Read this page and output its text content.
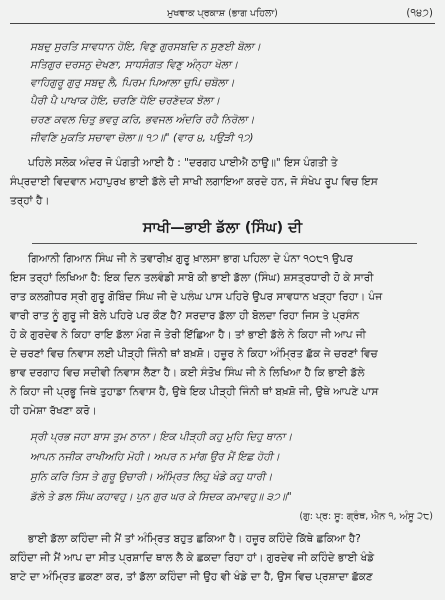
ਮੁਖਵਾਕ ਪ੍ਰਕਾਸ਼ (ਭਾਗ ਪਹਿਲਾ)	(੧੪੭)
ਸਬਦੁ ਸੁਰਤਿ ਸਾਵਧਾਨ ਹੋਇ, ਵਿਣੁ ਗੁਰਸਬਦਿ ਨ ਸੁਣਈ ਬੋਲਾ।
ਸਤਿਗੁਰ ਦਰਸਨੁ ਦੇਖਣਾ, ਸਾਧਸੰਗਤ ਵਿਣੁ ਅੰਨ੍ਹਾ ਖੋਲਾ।
ਵਾਹਿਗੁਰੂ ਗੁਰੁ ਸਬਦੁ ਲੈ, ਪਿਰਮ ਪਿਆਲਾ ਚੁਪਿ ਚਬੋਲਾ।
ਪੈਰੀ ਪੈ ਪਾਖਾਕ ਹੋਇ, ਚਰਣਿ ਧੋਇ ਚਰਣੋਦਕ ਝੋਲਾ।
ਚਰਣ ਕਵਲ ਚਿਤੁ ਭਵਰੁ ਕਰਿ, ਭਵਜਲ ਅੰਦਰਿ ਰਹੈ ਨਿਰੋਲਾ।
ਜੀਵਣਿ ਮੁਕਤਿ ਸਚਾਵਾ ਚੋਲਾ॥ ੧੭॥" (ਵਾਰ ੪, ਪਉੜੀ ੧੭)
ਪਹਿਲੇ ਸਲੋਕ ਅੰਦਰ ਜੋ ਪੰਗਤੀ ਆਈ ਹੈ : "ਦਰਗਹ ਪਾਈਐ ਠਾਉ॥" ਇਸ ਪੰਗਤੀ ਤੇ
ਸੰਪ੍ਰਦਾਈ ਵਿਦਵਾਨ ਮਹਾਪੁਰਖ ਭਾਈ ਡੱਲੇ ਦੀ ਸਾਖੀ ਲਗਾਇਆ ਕਰਦੇ ਹਨ, ਜੋ ਸੰਖੇਪ ਰੂਪ ਵਿਚ ਇਸ
ਤਰ੍ਹਾਂ ਹੈ।
ਸਾਖੀ—ਭਾਈ ਡੱਲਾ (ਸਿੰਘ) ਦੀ
ਗਿਆਨੀ ਗਿਆਨ ਸਿੰਘ ਜੀ ਨੇ ਤਵਾਰੀਖ਼ ਗੁਰੂ ਖ਼ਾਲਸਾ ਭਾਗ ਪਹਿਲਾ ਦੇ ਪੰਨਾ ੧੦੮੧ ਉਪਰ
ਇਸ ਤਰ੍ਹਾਂ ਲਿਖਿਆ ਹੈ: ਇਕ ਦਿਨ ਤਲਵੰਡੀ ਸਾਬੋ ਕੀ ਭਾਈ ਡੱਲਾ (ਸਿੰਘ) ਸ਼ਸਤ੍ਰਧਾਰੀ ਹੋ ਕੇ ਸਾਰੀ
ਰਾਤ ਕਲਗੀਧਰ ਸ੍ਰੀ ਗੁਰੂ ਗੋਬਿੰਦ ਸਿੰਘ ਜੀ ਦੇ ਪਲੰਘ ਪਾਸ ਪਹਿਰੇ ਉਪਰ ਸਾਵਧਾਨ ਖੜ੍ਹਾ ਰਿਹਾ। ਪੰਜ
ਵਾਰੀ ਰਾਤ ਨੂੰ ਗੁਰੂ ਜੀ ਬੋਲੇ ਪਹਿਰੇ ਪਰ ਕੌਣ ਹੈ? ਸਰਦਾਰ ਡੱਲਾ ਹੀ ਬੋਲਦਾ ਰਿਹਾ ਜਿਸ ਤੇ ਪ੍ਰਸੰਨ
ਹੋ ਕੇ ਗੁਰਦੇਵ ਨੇ ਕਿਹਾ ਰਾਇ ਡੱਲਾ ਮੰਗ ਜੋ ਤੇਰੀ ਇੱਛਿਆ ਹੈ। ਤਾਂ ਭਾਈ ਡੱਲੇ ਨੇ ਕਿਹਾ ਜੀ ਆਪ ਜੀ
ਦੇ ਚਰਣਾਂ ਵਿਚ ਨਿਵਾਸ ਲਈ ਪੀੜ੍ਹੀ ਜਿੰਨੀ ਥਾਂ ਬਖ਼ਸ਼ੋ। ਹਜ਼ੂਰ ਨੇ ਕਿਹਾ ਅੰਮ੍ਰਿਤ ਛੱਕ ਜੇ ਚਰਣਾਂ ਵਿਚ
ਭਾਵ ਦਰਗਾਹ ਵਿਚ ਸਦੀਵੀ ਨਿਵਾਸ ਲੈਣਾ ਹੈ। ਕਈ ਸੰਤੋਖ ਸਿੰਘ ਜੀ ਨੇ ਲਿਖਿਆ ਹੈ ਕਿ ਭਾਈ ਡੱਲੇ
ਨੇ ਕਿਹਾ ਜੀ ਪ੍ਰਭੂ ਜਿਥੇ ਤੁਹਾਡਾ ਨਿਵਾਸ ਹੈ, ਉਥੇ ਇਕ ਪੀੜ੍ਹੀ ਜਿੰਨੀ ਥਾਂ ਬਖ਼ਸ਼ੋ ਜੀ, ਉਥੇ ਆਪਣੇ ਪਾਸ
ਹੀ ਹਮੇਸ਼ਾ ਰੱਖਣਾ ਕਰੋ।
ਸ੍ਰੀ ਪ੍ਰਭ ਜਹਾ ਬਾਸ ਤੁਮ ਠਾਨਾ। ਇਕ ਪੀੜ੍ਹੀ ਕਹੁ ਮੁਹਿ ਦਿਹੁ ਥਾਨਾ।
ਆਪਨ ਨਜੀਕ ਰਾਖੀਅਹਿ ਮੋਹੀ। ਅਪਰ ਨ ਮਾਂਗ ਉਰ ਮੈਂ ਇਛ ਹੋਹੀ।
ਸੁਨਿ ਕਰਿ ਤਿਸ ਤੇ ਗੁਰੂ ਉਚਾਰੀ। ਅੰਮ੍ਰਿਤ ਲਿਹੁ ਖੰਡੇ ਕਹੁ ਧਾਰੀ।
ਡੱਲੇ ਤੇ ਡਲ ਸਿੰਘ ਕਹਾਵਹੁ। ਪੁਨ ਗੁਰ ਘਰ ਕੇ ਸਿਦਕ ਕਮਾਵਹੁ॥ ੩੭॥"
(ਗੁ: ਪ੍ਰ: ਸੂ: ਗ੍ਰੰਥ, ਐਨ ੧, ਅੰਸੂ ੨੮)
ਭਾਈ ਡੱਲਾ ਕਹਿੰਦਾ ਜੀ ਮੈਂ ਤਾਂ ਅੰਮ੍ਰਿਤ ਬਹੁਤ ਛਕਿਆ ਹੈ। ਹਜ਼ੂਰ ਕਹਿੰਦੇ ਕਿੱਥੇ ਛਕਿਆ ਹੈ?
ਕਹਿੰਦਾ ਜੀ ਮੈਂ ਆਪ ਦਾ ਸੀਤ ਪ੍ਰਸ਼ਾਦਿ ਥਾਲ ਲੈ ਕੇ ਛਕਦਾ ਰਿਹਾ ਹਾਂ। ਗੁਰਦੇਵ ਜੀ ਕਹਿੰਦੇ ਭਾਈ ਖੰਡੇ
ਬਾਟੇ ਦਾ ਅੰਮ੍ਰਿਤ ਛਕਣਾ ਕਰ, ਤਾਂ ਡੱਲਾ ਕਹਿੰਦਾ ਜੀ ਉਹ ਵੀ ਖੰਡੇ ਦਾ ਹੈ, ਉਸ ਵਿਚ ਪ੍ਰਸ਼ਾਦਾ ਛੱਕਣ
